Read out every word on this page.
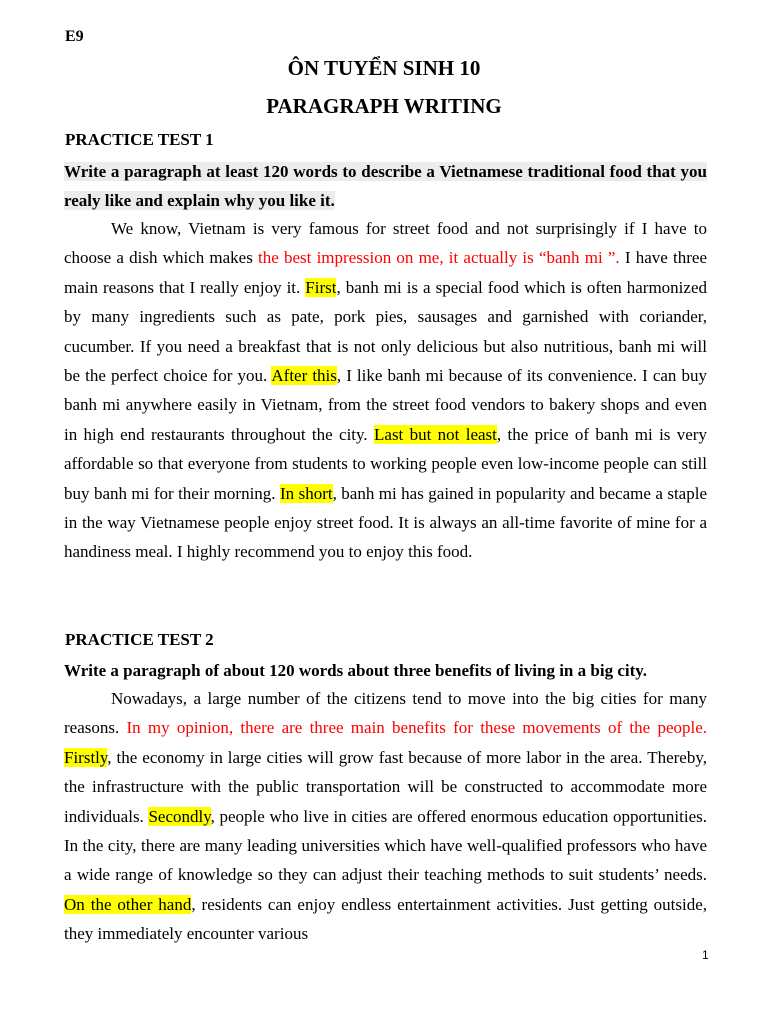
E9
ÔN TUYỂN SINH 10
PARAGRAPH WRITING
PRACTICE TEST 1
Write a paragraph at least 120 words to describe a Vietnamese traditional food that you realy like and explain why you like it.
We know, Vietnam is very famous for street food and not surprisingly if I have to choose a dish which makes the best impression on me, it actually is “banh mi ”. I have three main reasons that I really enjoy it. First, banh mi is a special food which is often harmonized by many ingredients such as pate, pork pies, sausages and garnished with coriander, cucumber. If you need a breakfast that is not only delicious but also nutritious, banh mi will be the perfect choice for you. After this, I like banh mi because of its convenience. I can buy banh mi anywhere easily in Vietnam, from the street food vendors to bakery shops and even in high end restaurants throughout the city. Last but not least, the price of banh mi is very affordable so that everyone from students to working people even low-income people can still buy banh mi for their morning. In short, banh mi has gained in popularity and became a staple in the way Vietnamese people enjoy street food. It is always an all-time favorite of mine for a handiness meal. I highly recommend you to enjoy this food.
PRACTICE TEST 2
Write a paragraph of about 120 words about three benefits of living in a big city.
Nowadays, a large number of the citizens tend to move into the big cities for many reasons. In my opinion, there are three main benefits for these movements of the people. Firstly, the economy in large cities will grow fast because of more labor in the area. Thereby, the infrastructure with the public transportation will be constructed to accommodate more individuals. Secondly, people who live in cities are offered enormous education opportunities. In the city, there are many leading universities which have well-qualified professors who have a wide range of knowledge so they can adjust their teaching methods to suit students’ needs. On the other hand, residents can enjoy endless entertainment activities. Just getting outside, they immediately encounter various
1
